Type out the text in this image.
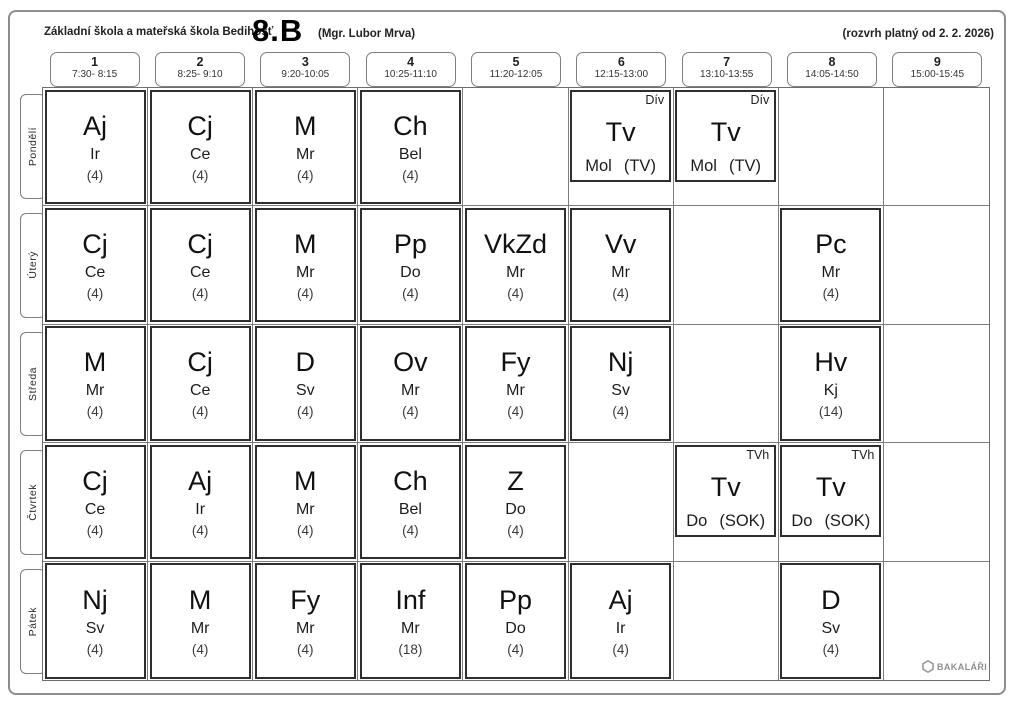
Základní škola a mateřská škola Bedihošť
8.B (Mgr. Lubor Mrva)	(rozvrh platný od 2. 2. 2026)
1
7:30- 8:15
2
8:25- 9:10
3
9:20-10:05
4
10:25-11:10
5
11:20-12:05
6
12:15-13:00
7
13:10-13:55
8
14:05-14:50
9
15:00-15:45
Pondělí
Úterý
Středa
Čtvrtek
Pátek
Aj
Ir
(4)
Cj
Ce
(4)
M
Mr
(4)
Ch
Bel
(4)
Dív
Tv
Mol (TV)
Dív
Tv
Mol (TV)
Cj
Ce
(4)
Cj
Ce
(4)
M
Mr
(4)
Pp
Do
(4)
VkZd
Mr
(4)
Vv
Mr
(4)
Pc
Mr
(4)
M
Mr
(4)
Cj
Ce
(4)
D
Sv
(4)
Ov
Mr
(4)
Fy
Mr
(4)
Nj
Sv
(4)
Hv
Kj
(14)
Cj
Ce
(4)
Aj
Ir
(4)
M
Mr
(4)
Ch
Bel
(4)
Z
Do
(4)
TVh
Tv
Do (SOK)
TVh
Tv
Do (SOK)
Nj
Sv
(4)
M
Mr
(4)
Fy
Mr
(4)
Inf
Mr
(18)
Pp
Do
(4)
Aj
Ir
(4)
D
Sv
(4)
BAKALÁŘI
